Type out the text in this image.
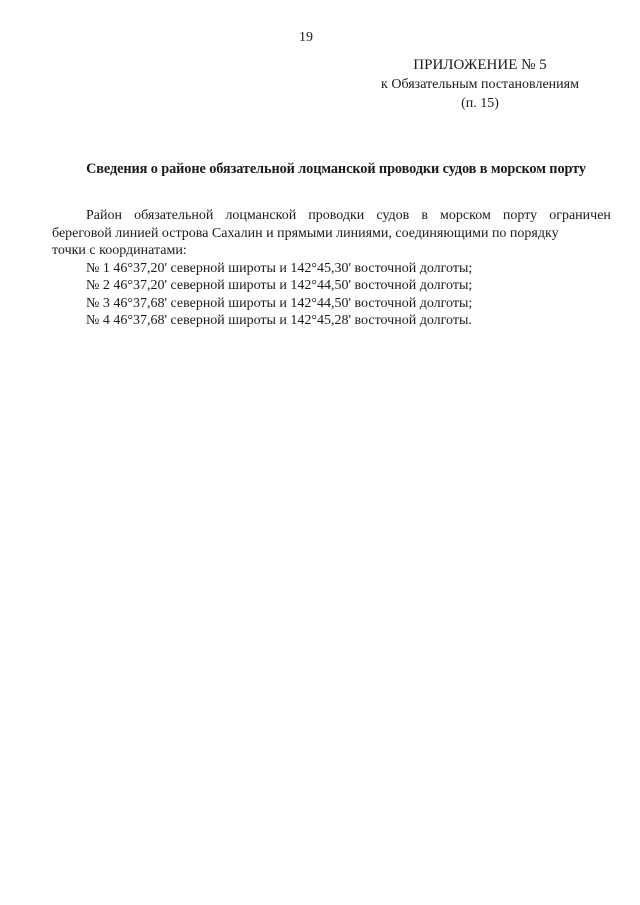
19
ПРИЛОЖЕНИЕ № 5
к Обязательным постановлениям
(п. 15)
Сведения о районе обязательной лоцманской проводки судов в морском порту
Район обязательной лоцманской проводки судов в морском порту ограничен
береговой линией острова Сахалин и прямыми линиями, соединяющими по порядку
точки с координатами:
№ 1 46°37,20' северной широты и 142°45,30' восточной долготы;
№ 2 46°37,20' северной широты и 142°44,50' восточной долготы;
№ 3 46°37,68' северной широты и 142°44,50' восточной долготы;
№ 4 46°37,68' северной широты и 142°45,28' восточной долготы.
